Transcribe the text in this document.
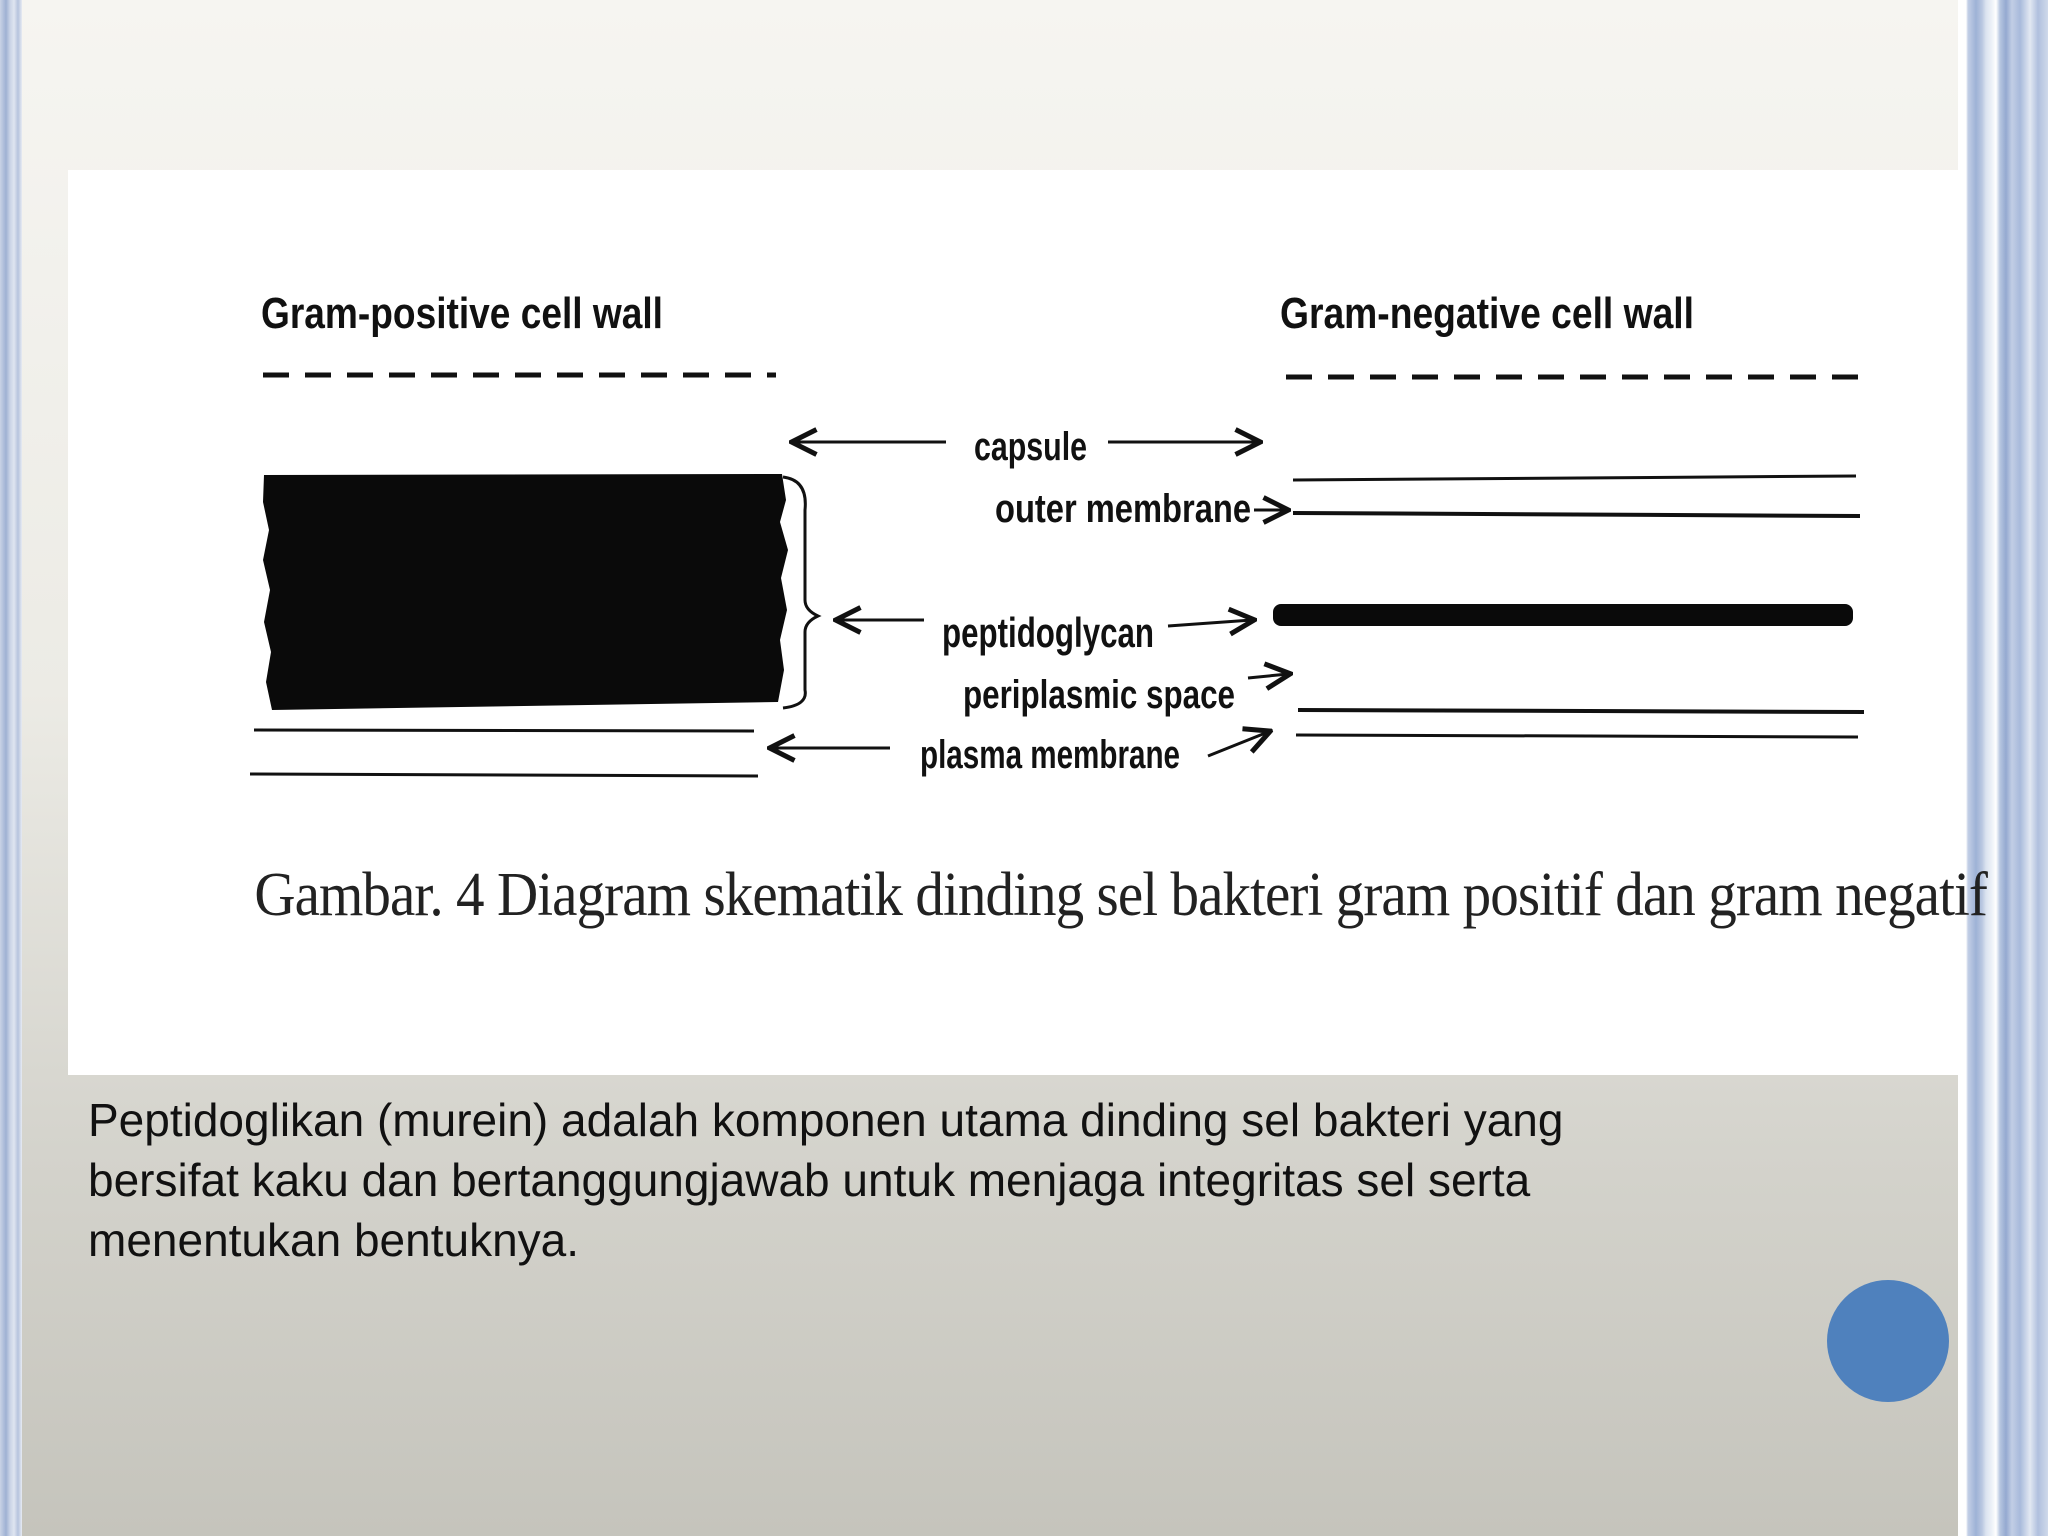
Gram-positive cell wall	Gram-negative cell wall
capsule
outer membrane
peptidoglycan
periplasmic space
plasma membrane
Gambar. 4 Diagram skematik dinding sel bakteri gram positif dan gram negatif

Peptidoglikan (murein) adalah komponen utama dinding sel bakteri yang

bersifat kaku dan bertanggungjawab untuk menjaga integritas sel serta

menentukan bentuknya.
